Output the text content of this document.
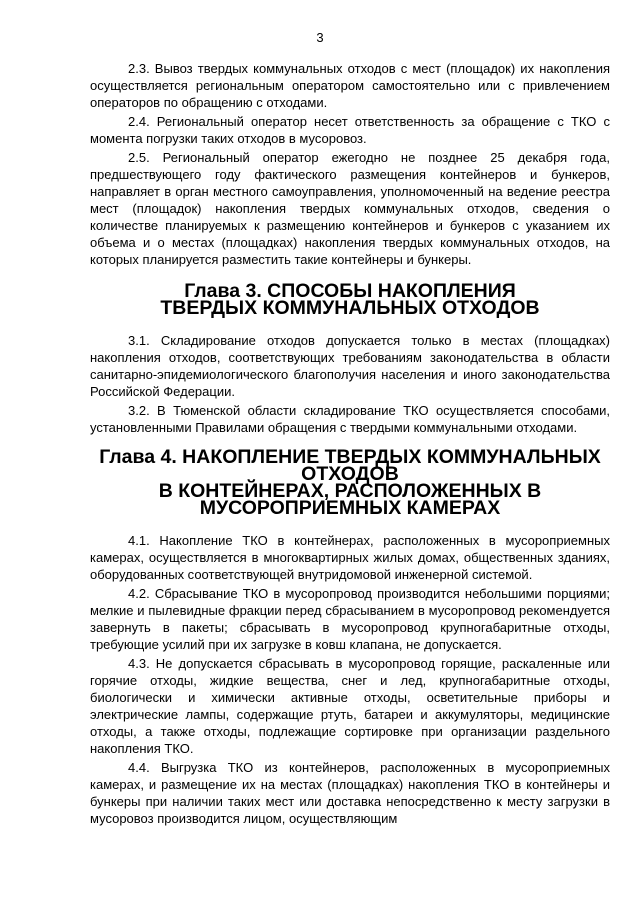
3

2.3. Вывоз твердых коммунальных отходов с мест (площадок) их накопления осуществляется региональным оператором самостоятельно или с привлечением операторов по обращению с отходами.

2.4. Региональный оператор несет ответственность за обращение с ТКО с момента погрузки таких отходов в мусоровоз.

2.5. Региональный оператор ежегодно не позднее 25 декабря года, предшествующего году фактического размещения контейнеров и бункеров, направляет в орган местного самоуправления, уполномоченный на ведение реестра мест (площадок) накопления твердых коммунальных отходов, сведения о количестве планируемых к размещению контейнеров и бункеров с указанием их объема и о местах (площадках) накопления твердых коммунальных отходов, на которых планируется разместить такие контейнеры и бункеры.

Глава 3. СПОСОБЫ НАКОПЛЕНИЯ
ТВЕРДЫХ КОММУНАЛЬНЫХ ОТХОДОВ

3.1. Складирование отходов допускается только в местах (площадках) накопления отходов, соответствующих требованиям законодательства в области санитарно-эпидемиологического благополучия населения и иного законодательства Российской Федерации.

3.2. В Тюменской области складирование ТКО осуществляется способами, установленными Правилами обращения с твердыми коммунальными отходами.

Глава 4. НАКОПЛЕНИЕ ТВЕРДЫХ КОММУНАЛЬНЫХ ОТХОДОВ
В КОНТЕЙНЕРАХ, РАСПОЛОЖЕННЫХ В МУСОРОПРИЕМНЫХ КАМЕРАХ

4.1. Накопление ТКО в контейнерах, расположенных в мусороприемных камерах, осуществляется в многоквартирных жилых домах, общественных зданиях, оборудованных соответствующей внутридомовой инженерной системой.

4.2. Сбрасывание ТКО в мусоропровод производится небольшими порциями; мелкие и пылевидные фракции перед сбрасыванием в мусоропровод рекомендуется завернуть в пакеты; сбрасывать в мусоропровод крупногабаритные отходы, требующие усилий при их загрузке в ковш клапана, не допускается.

4.3. Не допускается сбрасывать в мусоропровод горящие, раскаленные или горячие отходы, жидкие вещества, снег и лед, крупногабаритные отходы, биологически и химически активные отходы, осветительные приборы и электрические лампы, содержащие ртуть, батареи и аккумуляторы, медицинские отходы, а также отходы, подлежащие сортировке при организации раздельного накопления ТКО.

4.4. Выгрузка ТКО из контейнеров, расположенных в мусороприемных камерах, и размещение их на местах (площадках) накопления ТКО в контейнеры и бункеры при наличии таких мест или доставка непосредственно к месту загрузки в мусоровоз производится лицом, осуществляющим
